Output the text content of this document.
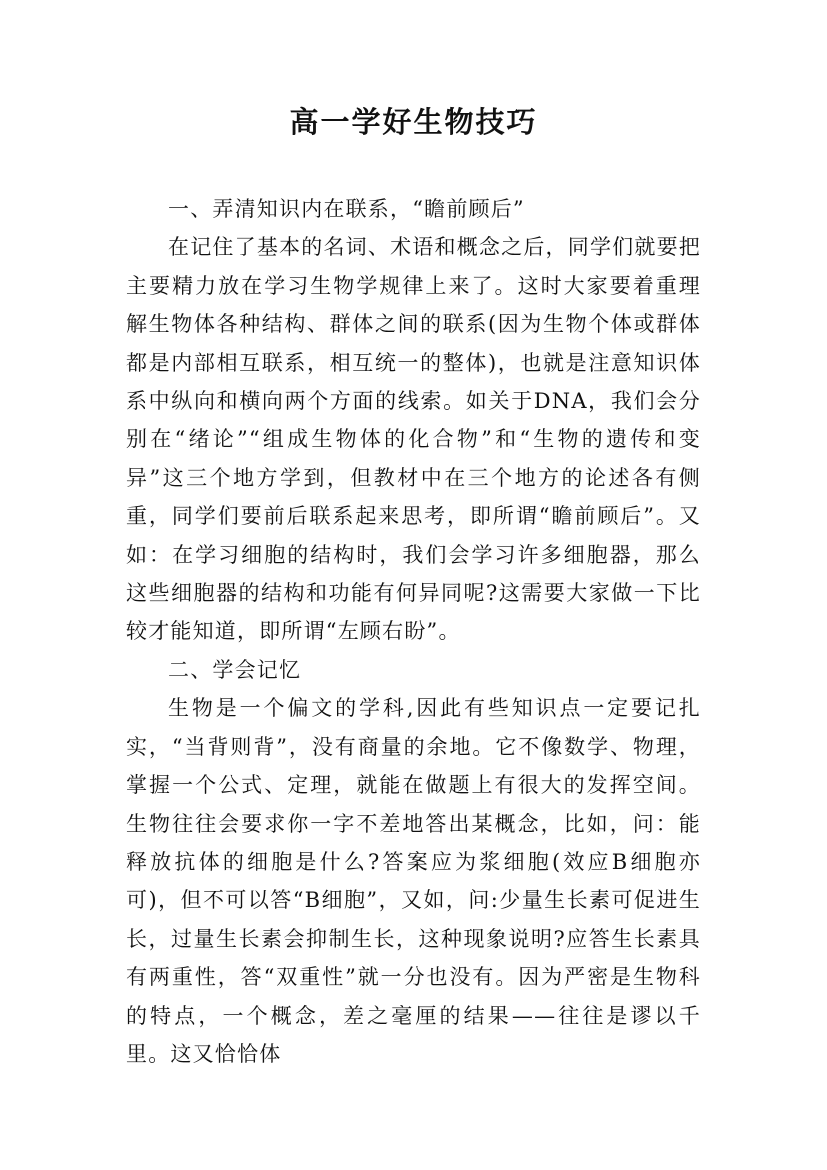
高一学好生物技巧

一、弄清知识内在联系，“瞻前顾后”

在记住了基本的名词、术语和概念之后，同学们就要把主要精力放在学习生物学规律上来了。这时大家要着重理解生物体各种结构、群体之间的联系(因为生物个体或群体都是内部相互联系，相互统一的整体)，也就是注意知识体系中纵向和横向两个方面的线索。如关于DNA，我们会分别在“绪论”“组成生物体的化合物”和“生物的遗传和变异”这三个地方学到，但教材中在三个地方的论述各有侧重，同学们要前后联系起来思考，即所谓“瞻前顾后”。又如：在学习细胞的结构时，我们会学习许多细胞器，那么这些细胞器的结构和功能有何异同呢?这需要大家做一下比较才能知道，即所谓“左顾右盼”。

二、学会记忆

生物是一个偏文的学科,因此有些知识点一定要记扎实，“当背则背”，没有商量的余地。它不像数学、物理，掌握一个公式、定理，就能在做题上有很大的发挥空间。生物往往会要求你一字不差地答出某概念，比如，问：能释放抗体的细胞是什么?答案应为浆细胞(效应B细胞亦可)，但不可以答“B细胞”，又如，问:少量生长素可促进生长，过量生长素会抑制生长，这种现象说明?应答生长素具有两重性，答“双重性”就一分也没有。因为严密是生物科的特点，一个概念，差之毫厘的结果——往往是谬以千里。这又恰恰体
